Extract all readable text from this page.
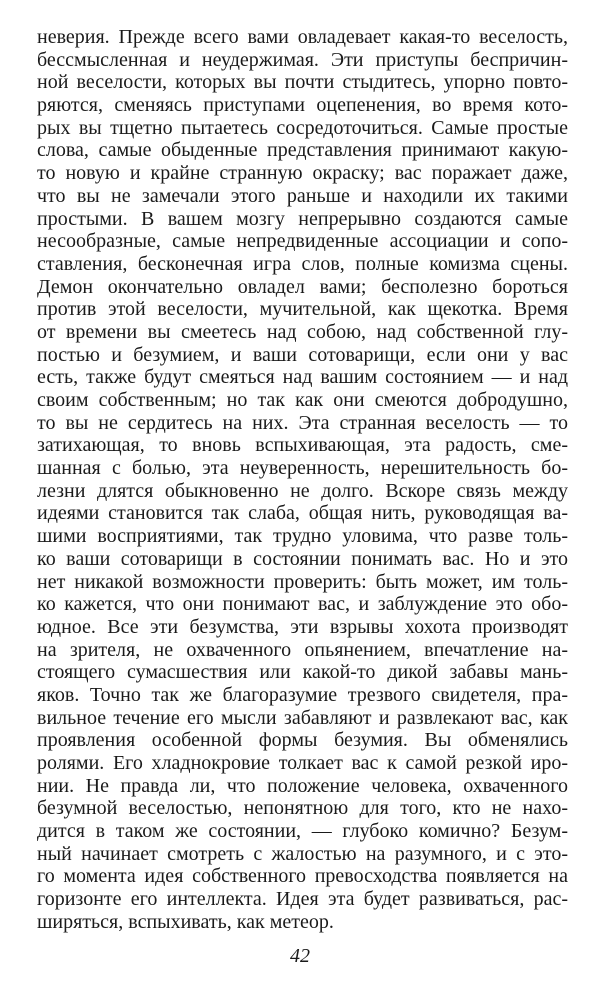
неверия. Прежде всего вами овладевает какая-то веселость,
бессмысленная и неудержимая. Эти приступы беспричин-
ной веселости, которых вы почти стыдитесь, упорно повто-
ряются, сменяясь приступами оцепенения, во время кото-
рых вы тщетно пытаетесь сосредоточиться. Самые простые
слова, самые обыденные представления принимают какую-
то новую и крайне странную окраску; вас поражает даже,
что вы не замечали этого раньше и находили их такими
простыми. В вашем мозгу непрерывно создаются самые
несообразные, самые непредвиденные ассоциации и сопо-
ставления, бесконечная игра слов, полные комизма сцены.
Демон окончательно овладел вами; бесполезно бороться
против этой веселости, мучительной, как щекотка. Время
от времени вы смеетесь над собою, над собственной глу-
постью и безумием, и ваши сотоварищи, если они у вас
есть, также будут смеяться над вашим состоянием — и над
своим собственным; но так как они смеются добродушно,
то вы не сердитесь на них. Эта странная веселость — то
затихающая, то вновь вспыхивающая, эта радость, сме-
шанная с болью, эта неуверенность, нерешительность бо-
лезни длятся обыкновенно не долго. Вскоре связь между
идеями становится так слаба, общая нить, руководящая ва-
шими восприятиями, так трудно уловима, что разве толь-
ко ваши сотоварищи в состоянии понимать вас. Но и это
нет никакой возможности проверить: быть может, им толь-
ко кажется, что они понимают вас, и заблуждение это обо-
юдное. Все эти безумства, эти взрывы хохота производят
на зрителя, не охваченного опьянением, впечатление на-
стоящего сумасшествия или какой-то дикой забавы мань-
яков. Точно так же благоразумие трезвого свидетеля, пра-
вильное течение его мысли забавляют и развлекают вас, как
проявления особенной формы безумия. Вы обменялись
ролями. Его хладнокровие толкает вас к самой резкой иро-
нии. Не правда ли, что положение человека, охваченного
безумной веселостью, непонятною для того, кто не нахо-
дится в таком же состоянии, — глубоко комично? Безум-
ный начинает смотреть с жалостью на разумного, и с это-
го момента идея собственного превосходства появляется на
горизонте его интеллекта. Идея эта будет развиваться, рас-
ширяться, вспыхивать, как метеор.
42
